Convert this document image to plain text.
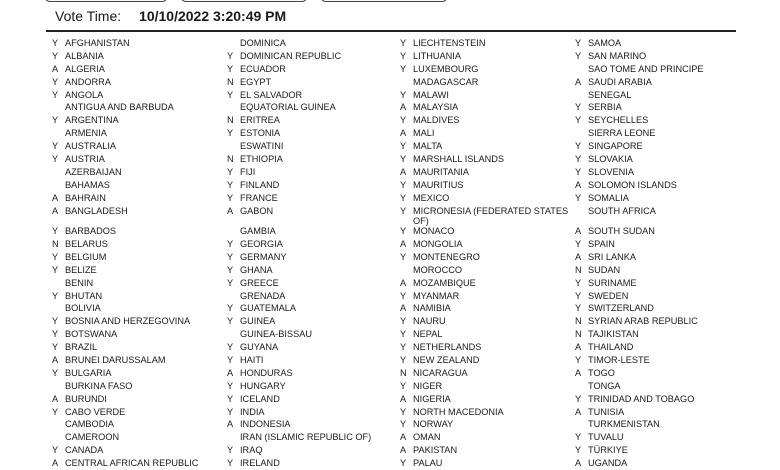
Vote Time: 10/10/2022 3:20:49 PM
Y AFGHANISTAN
Y ALBANIA
A ALGERIA
Y ANDORRA
Y ANGOLA
ANTIGUA AND BARBUDA
Y ARGENTINA
ARMENIA
Y AUSTRALIA
Y AUSTRIA
AZERBAIJAN
BAHAMAS
A BAHRAIN
A BANGLADESH
Y BARBADOS
N BELARUS
Y BELGIUM
Y BELIZE
BENIN
Y BHUTAN
BOLIVIA
Y BOSNIA AND HERZEGOVINA
Y BOTSWANA
Y BRAZIL
A BRUNEI DARUSSALAM
Y BULGARIA
BURKINA FASO
A BURUNDI
Y CABO VERDE
CAMBODIA
CAMEROON
Y CANADA
A CENTRAL AFRICAN REPUBLIC
DOMINICA
Y DOMINICAN REPUBLIC
Y ECUADOR
N EGYPT
Y EL SALVADOR
EQUATORIAL GUINEA
N ERITREA
Y ESTONIA
ESWATINI
N ETHIOPIA
Y FIJI
Y FINLAND
Y FRANCE
A GABON
GAMBIA
Y GEORGIA
Y GERMANY
Y GHANA
Y GREECE
GRENADA
Y GUATEMALA
Y GUINEA
GUINEA-BISSAU
Y GUYANA
Y HAITI
A HONDURAS
Y HUNGARY
Y ICELAND
Y INDIA
A INDONESIA
IRAN (ISLAMIC REPUBLIC OF)
Y IRAQ
Y IRELAND
Y LIECHTENSTEIN
Y LITHUANIA
Y LUXEMBOURG
MADAGASCAR
Y MALAWI
A MALAYSIA
Y MALDIVES
A MALI
Y MALTA
Y MARSHALL ISLANDS
A MAURITANIA
Y MAURITIUS
Y MEXICO
Y MICRONESIA (FEDERATED STATES OF)
Y MONACO
A MONGOLIA
Y MONTENEGRO
MOROCCO
A MOZAMBIQUE
Y MYANMAR
A NAMIBIA
Y NAURU
Y NEPAL
Y NETHERLANDS
Y NEW ZEALAND
N NICARAGUA
Y NIGER
A NIGERIA
Y NORTH MACEDONIA
Y NORWAY
A OMAN
A PAKISTAN
Y PALAU
Y SAMOA
Y SAN MARINO
SAO TOME AND PRINCIPE
A SAUDI ARABIA
SENEGAL
Y SERBIA
Y SEYCHELLES
SIERRA LEONE
Y SINGAPORE
Y SLOVAKIA
Y SLOVENIA
A SOLOMON ISLANDS
Y SOMALIA
SOUTH AFRICA
A SOUTH SUDAN
Y SPAIN
A SRI LANKA
N SUDAN
Y SURINAME
Y SWEDEN
Y SWITZERLAND
N SYRIAN ARAB REPUBLIC
N TAJIKISTAN
A THAILAND
Y TIMOR-LESTE
A TOGO
TONGA
Y TRINIDAD AND TOBAGO
A TUNISIA
TURKMENISTAN
Y TUVALU
Y TÜRKIYE
A UGANDA
